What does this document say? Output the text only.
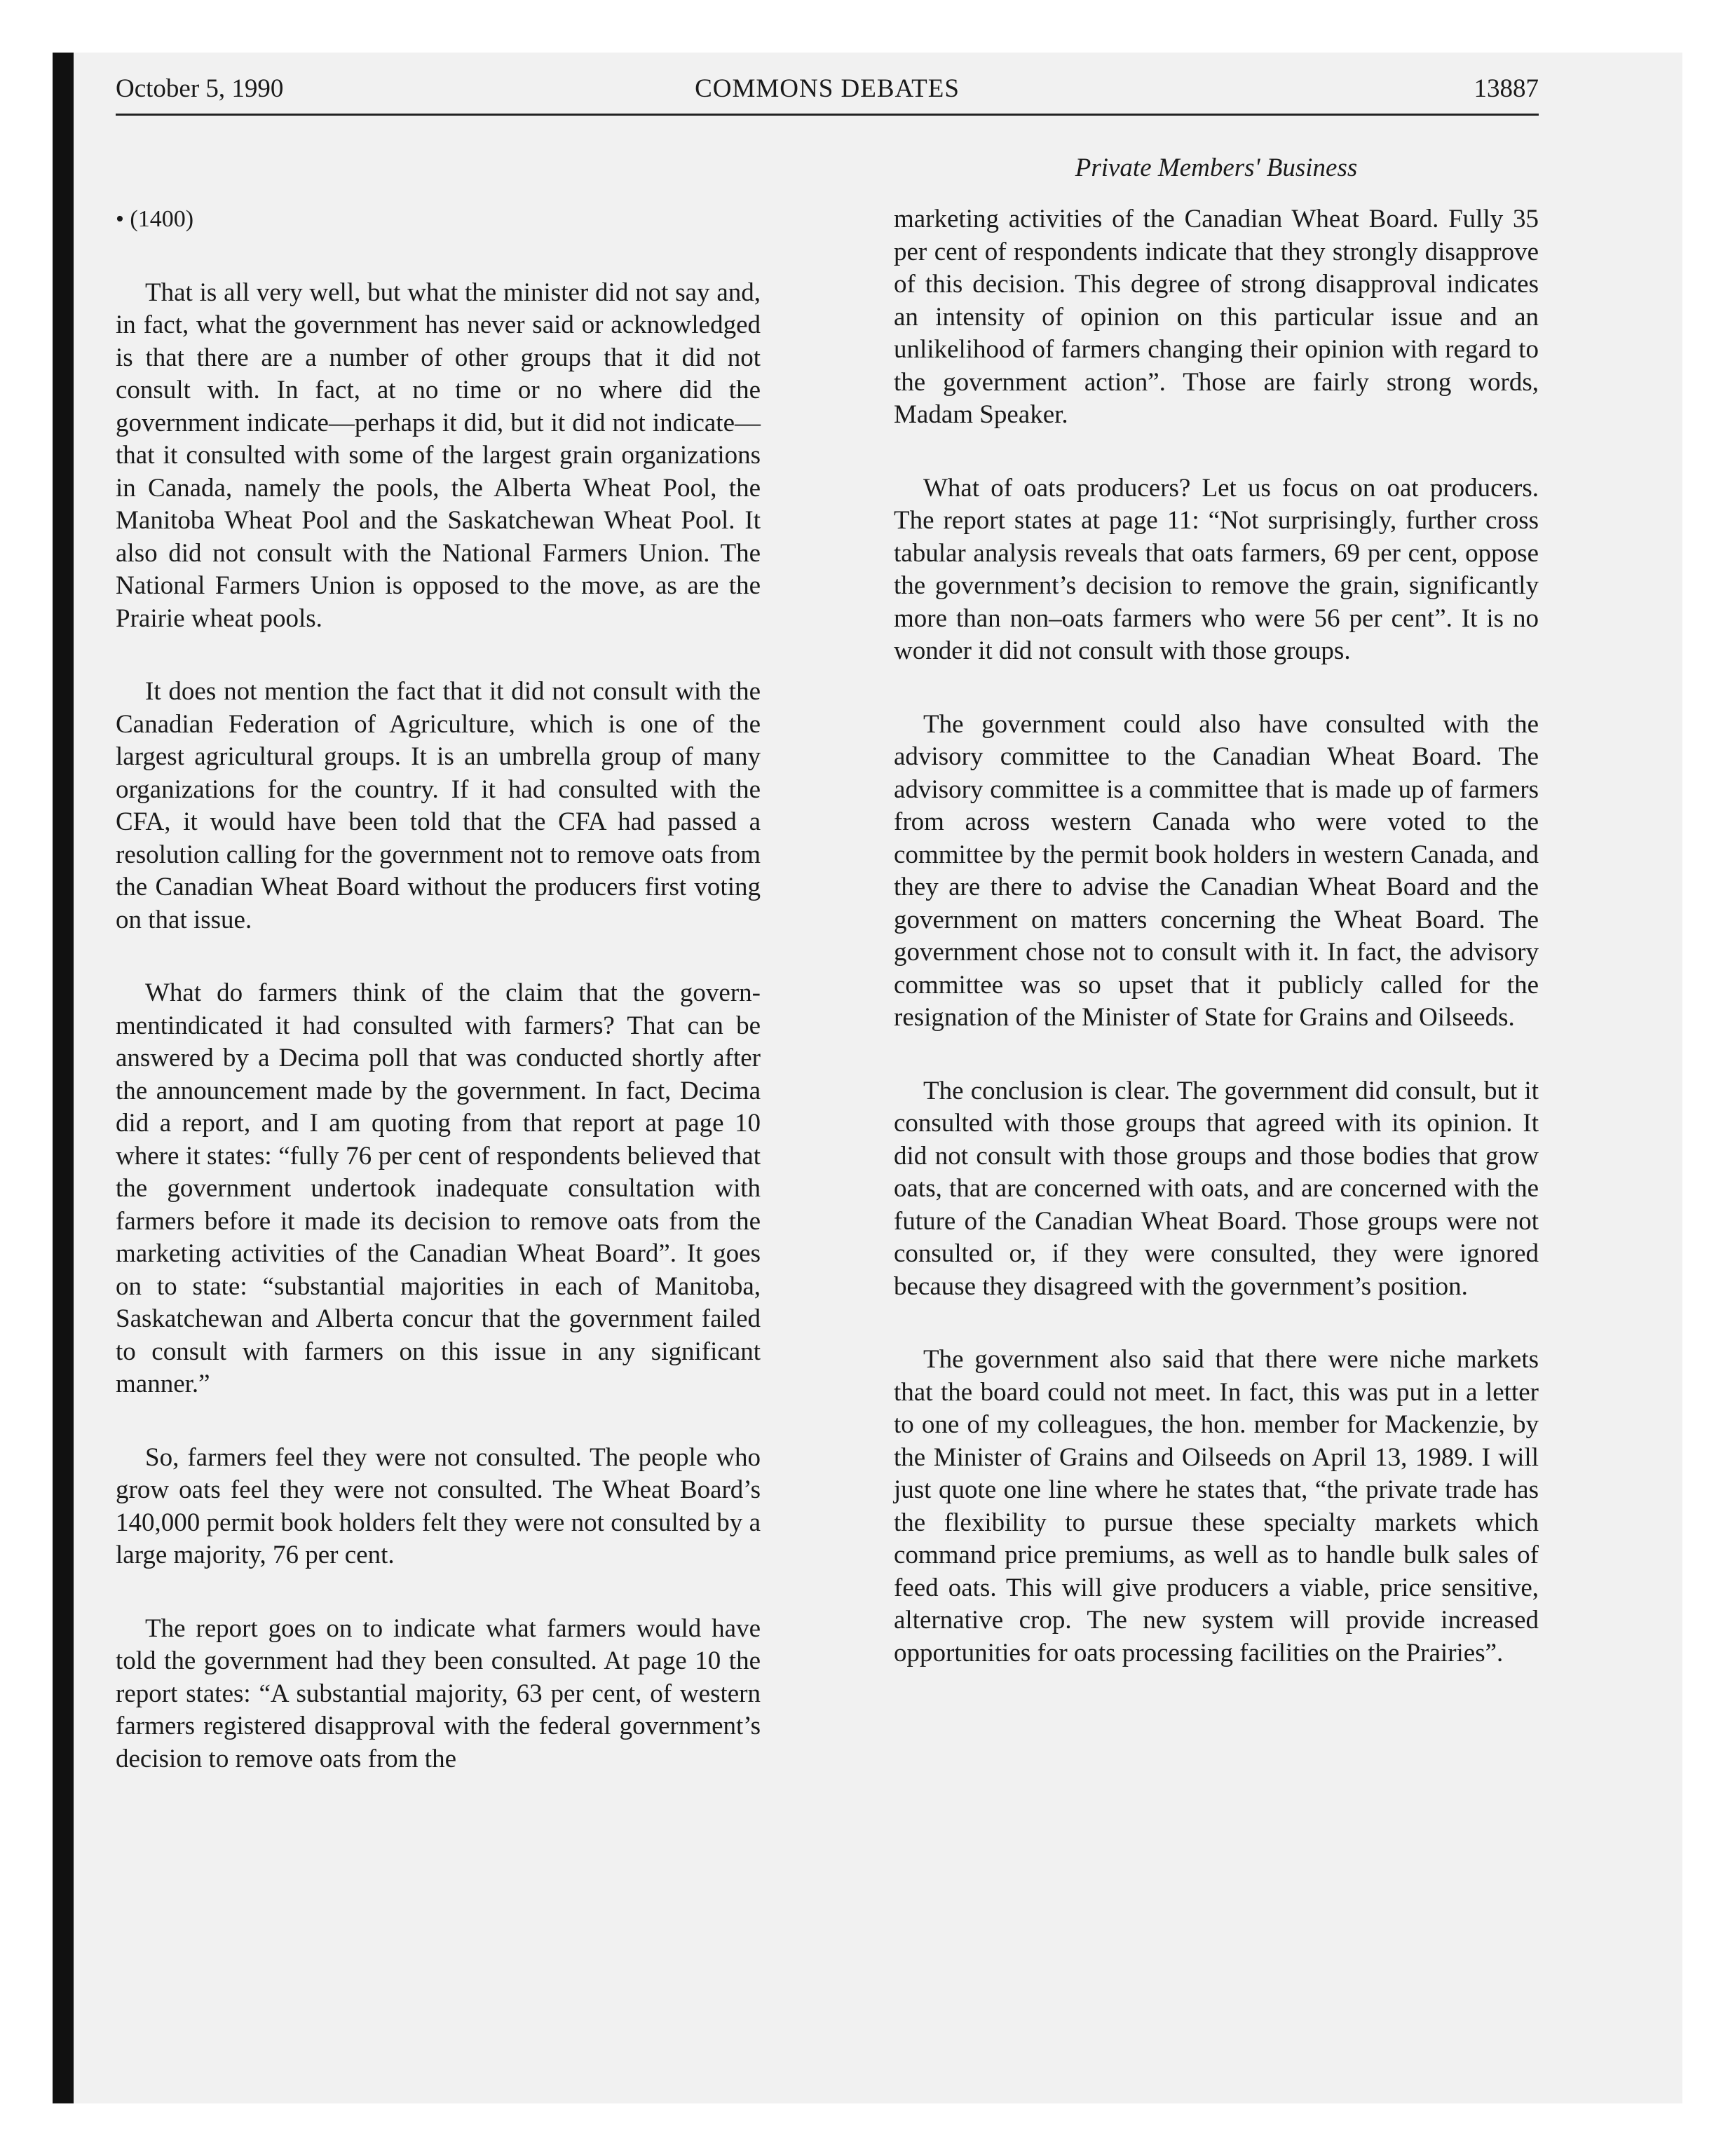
October 5, 1990	COMMONS DEBATES	13887
Private Members' Business

• (1400)

That is all very well, but what the minister did not say and, in fact, what the government has never said or acknowledged is that there are a number of other groups that it did not consult with. In fact, at no time or no where did the government indicate—perhaps it did, but it did not indicate—that it consulted with some of the largest grain organizations in Canada, namely the pools, the Alberta Wheat Pool, the Manitoba Wheat Pool and the Saskatchewan Wheat Pool. It also did not consult with the National Farmers Union. The National Farmers Union is opposed to the move, as are the Prairie wheat pools.

It does not mention the fact that it did not consult with the Canadian Federation of Agriculture, which is one of the largest agricultural groups. It is an umbrella group of many organizations for the country. If it had consulted with the CFA, it would have been told that the CFA had passed a resolution calling for the government not to remove oats from the Canadian Wheat Board without the producers first voting on that issue.

What do farmers think of the claim that the governmentindicated it had consulted with farmers? That can be answered by a Decima poll that was conducted shortly after the announcement made by the government. In fact, Decima did a report, and I am quoting from that report at page 10 where it states: “fully 76 per cent of respondents believed that the government undertook inadequate consultation with farmers before it made its decision to remove oats from the marketing activities of the Canadian Wheat Board”. It goes on to state: “substantial majorities in each of Manitoba, Saskatchewan and Alberta concur that the government failed to consult with farmers on this issue in any significant manner.”

So, farmers feel they were not consulted. The people who grow oats feel they were not consulted. The Wheat Board’s 140,000 permit book holders felt they were not consulted by a large majority, 76 per cent.

The report goes on to indicate what farmers would have told the government had they been consulted. At page 10 the report states: “A substantial majority, 63 per cent, of western farmers registered disapproval with the federal government’s decision to remove oats from the

marketing activities of the Canadian Wheat Board. Fully 35 per cent of respondents indicate that they strongly disapprove of this decision. This degree of strong disapproval indicates an intensity of opinion on this particular issue and an unlikelihood of farmers changing their opinion with regard to the government action”. Those are fairly strong words, Madam Speaker.

What of oats producers? Let us focus on oat producers. The report states at page 11: “Not surprisingly, further cross tabular analysis reveals that oats farmers, 69 per cent, oppose the government’s decision to remove the grain, significantly more than non–oats farmers who were 56 per cent”. It is no wonder it did not consult with those groups.

The government could also have consulted with the advisory committee to the Canadian Wheat Board. The advisory committee is a committee that is made up of farmers from across western Canada who were voted to the committee by the permit book holders in western Canada, and they are there to advise the Canadian Wheat Board and the government on matters concerning the Wheat Board. The government chose not to consult with it. In fact, the advisory committee was so upset that it publicly called for the resignation of the Minister of State for Grains and Oilseeds.

The conclusion is clear. The government did consult, but it consulted with those groups that agreed with its opinion. It did not consult with those groups and those bodies that grow oats, that are concerned with oats, and are concerned with the future of the Canadian Wheat Board. Those groups were not consulted or, if they were consulted, they were ignored because they disagreed with the government’s position.

The government also said that there were niche markets that the board could not meet. In fact, this was put in a letter to one of my colleagues, the hon. member for Mackenzie, by the Minister of Grains and Oilseeds on April 13, 1989. I will just quote one line where he states that, “the private trade has the flexibility to pursue these specialty markets which command price premiums, as well as to handle bulk sales of feed oats. This will give producers a viable, price sensitive, alternative crop. The new system will provide increased opportunities for oats processing facilities on the Prairies”.
